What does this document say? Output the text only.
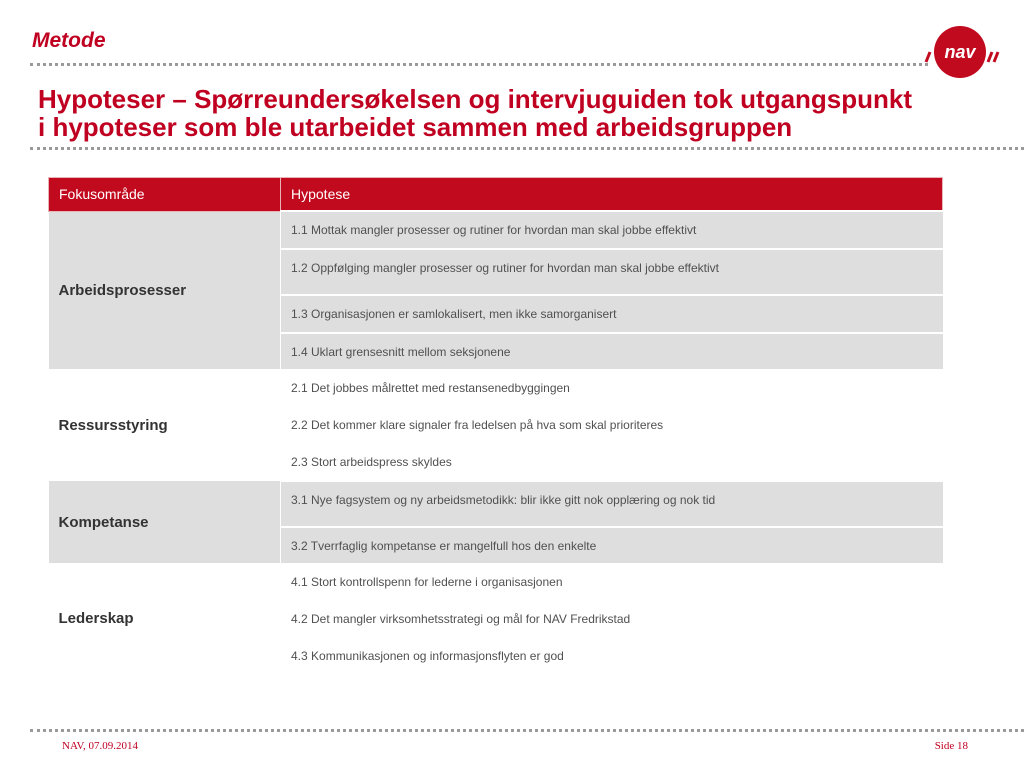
Metode	nav
Hypoteser – Spørreundersøkelsen og intervjuguiden tok utgangspunkt
i hypoteser som ble utarbeidet sammen med arbeidsgruppen
Fokusområde	Hypotese
Arbeidsprosesser	1.1 Mottak mangler prosesser og rutiner for hvordan man skal jobbe effektivt
	1.2 Oppfølging mangler prosesser og rutiner for hvordan man skal jobbe effektivt
	1.3 Organisasjonen er samlokalisert, men ikke samorganisert
	1.4 Uklart grensesnitt mellom seksjonene
Ressursstyring	2.1 Det jobbes målrettet med restansenedbyggingen
	2.2 Det kommer klare signaler fra ledelsen på hva som skal prioriteres
	2.3 Stort arbeidspress skyldes
Kompetanse	3.1 Nye fagsystem og ny arbeidsmetodikk: blir ikke gitt nok opplæring og nok tid
	3.2 Tverrfaglig kompetanse er mangelfull hos den enkelte
Lederskap	4.1 Stort kontrollspenn for lederne i organisasjonen
	4.2 Det mangler virksomhetsstrategi og mål for NAV Fredrikstad
	4.3 Kommunikasjonen og informasjonsflyten er god
NAV, 07.09.2014	Side 18
